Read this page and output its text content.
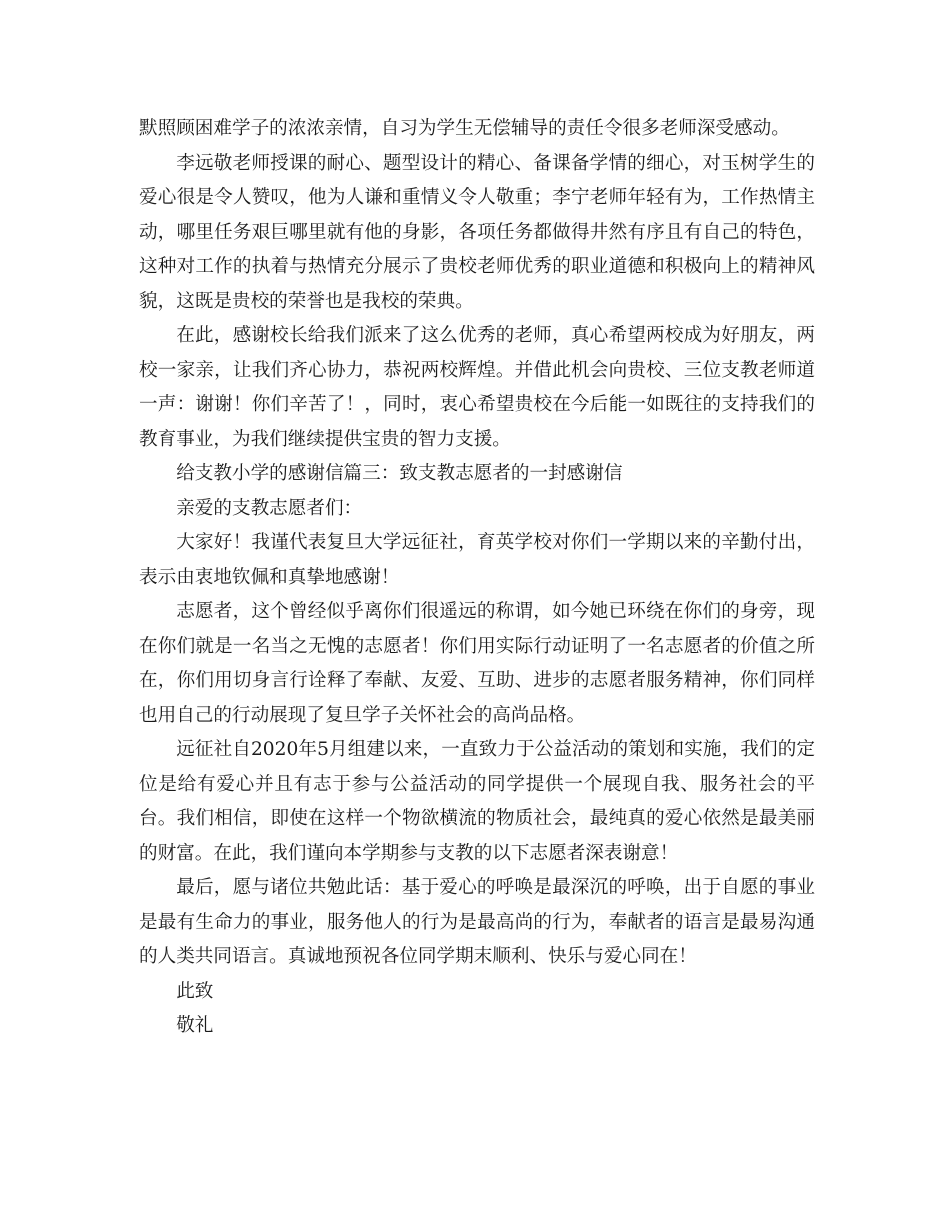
默照顾困难学子的浓浓亲情，自习为学生无偿辅导的责任令很多老师深受感动。

李远敬老师授课的耐心、题型设计的精心、备课备学情的细心，对玉树学生的爱心很是令人赞叹，他为人谦和重情义令人敬重；李宁老师年轻有为，工作热情主动，哪里任务艰巨哪里就有他的身影，各项任务都做得井然有序且有自己的特色，这种对工作的执着与热情充分展示了贵校老师优秀的职业道德和积极向上的精神风貌，这既是贵校的荣誉也是我校的荣典。

在此，感谢校长给我们派来了这么优秀的老师，真心希望两校成为好朋友，两校一家亲，让我们齐心协力，恭祝两校辉煌。并借此机会向贵校、三位支教老师道一声：谢谢！你们辛苦了！，同时，衷心希望贵校在今后能一如既往的支持我们的教育事业，为我们继续提供宝贵的智力支援。

给支教小学的感谢信篇三：致支教志愿者的一封感谢信

亲爱的支教志愿者们：

大家好！我谨代表复旦大学远征社，育英学校对你们一学期以来的辛勤付出，表示由衷地钦佩和真挚地感谢！

志愿者，这个曾经似乎离你们很遥远的称谓，如今她已环绕在你们的身旁，现在你们就是一名当之无愧的志愿者！你们用实际行动证明了一名志愿者的价值之所在，你们用切身言行诠释了奉献、友爱、互助、进步的志愿者服务精神，你们同样也用自己的行动展现了复旦学子关怀社会的高尚品格。

远征社自2020年5月组建以来，一直致力于公益活动的策划和实施，我们的定位是给有爱心并且有志于参与公益活动的同学提供一个展现自我、服务社会的平台。我们相信，即使在这样一个物欲横流的物质社会，最纯真的爱心依然是最美丽的财富。在此，我们谨向本学期参与支教的以下志愿者深表谢意！

最后，愿与诸位共勉此话：基于爱心的呼唤是最深沉的呼唤，出于自愿的事业是最有生命力的事业，服务他人的行为是最高尚的行为，奉献者的语言是最易沟通的人类共同语言。真诚地预祝各位同学期末顺利、快乐与爱心同在！

此致

敬礼
